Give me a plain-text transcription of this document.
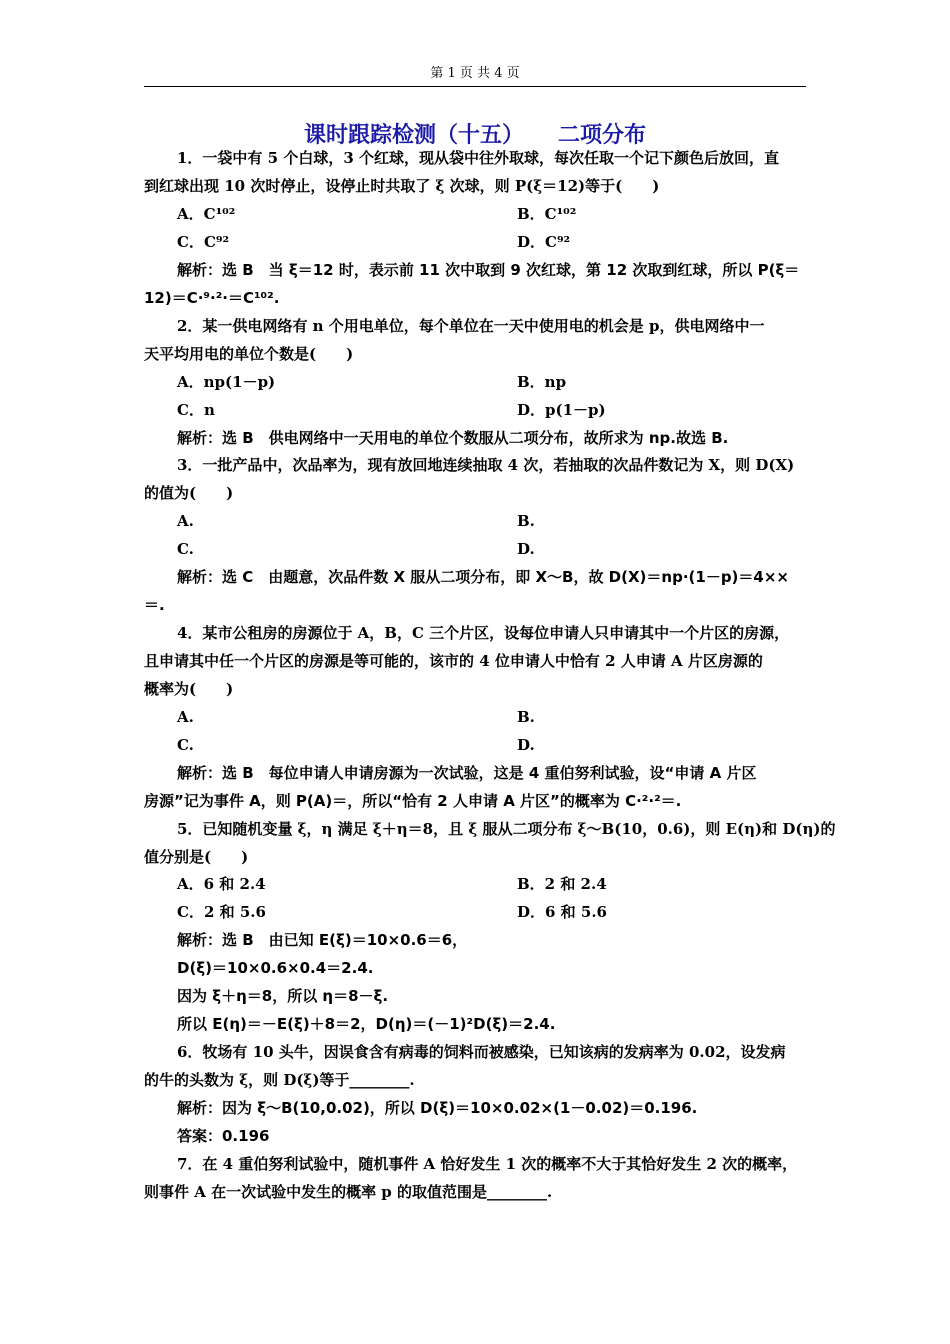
第 1 页 共 4 页
课时跟踪检测（十五） 二项分布
1．一袋中有 5 个白球，3 个红球，现从袋中往外取球，每次任取一个记下颜色后放回，直
到红球出现 10 次时停止，设停止时共取了 ξ 次球，则 P(ξ＝12)等于(　　)
A．C¹⁰²	B．C¹⁰²
C．C⁹²	D．C⁹²
解析：选 B　当 ξ＝12 时，表示前 11 次中取到 9 次红球，第 12 次取到红球，所以 P(ξ＝
12)＝C·⁹·²·＝C¹⁰².
2．某一供电网络有 n 个用电单位，每个单位在一天中使用电的机会是 p，供电网络中一
天平均用电的单位个数是(　　)
A．np(1－p)	B．np
C．n	D．p(1－p)
解析：选 B　供电网络中一天用电的单位个数服从二项分布，故所求为 np.故选 B.
3．一批产品中，次品率为，现有放回地连续抽取 4 次，若抽取的次品件数记为 X，则 D(X)
的值为(　　)
A.	B.
C.	D.
解析：选 C　由题意，次品件数 X 服从二项分布，即 X～B，故 D(X)＝np·(1－p)＝4××
＝.
4．某市公租房的房源位于 A，B，C 三个片区，设每位申请人只申请其中一个片区的房源，
且申请其中任一个片区的房源是等可能的，该市的 4 位申请人中恰有 2 人申请 A 片区房源的
概率为(　　)
A.	B.
C.	D.
解析：选 B　每位申请人申请房源为一次试验，这是 4 重伯努利试验，设“申请 A 片区
房源”记为事件 A，则 P(A)＝，所以“恰有 2 人申请 A 片区”的概率为 C·²·²＝.
5．已知随机变量 ξ，η 满足 ξ＋η＝8，且 ξ 服从二项分布 ξ～B(10，0.6)，则 E(η)和 D(η)的
值分别是(　　)
A．6 和 2.4	B．2 和 2.4
C．2 和 5.6	D．6 和 5.6
解析：选 B　由已知 E(ξ)＝10×0.6＝6，
D(ξ)＝10×0.6×0.4＝2.4.
因为 ξ＋η＝8，所以 η＝8－ξ.
所以 E(η)＝－E(ξ)＋8＝2，D(η)＝(－1)²D(ξ)＝2.4.
6．牧场有 10 头牛，因误食含有病毒的饲料而被感染，已知该病的发病率为 0.02，设发病
的牛的头数为 ξ，则 D(ξ)等于________.
解析：因为 ξ～B(10,0.02)，所以 D(ξ)＝10×0.02×(1－0.02)＝0.196.
答案：0.196
7．在 4 重伯努利试验中，随机事件 A 恰好发生 1 次的概率不大于其恰好发生 2 次的概率，
则事件 A 在一次试验中发生的概率 p 的取值范围是________.
